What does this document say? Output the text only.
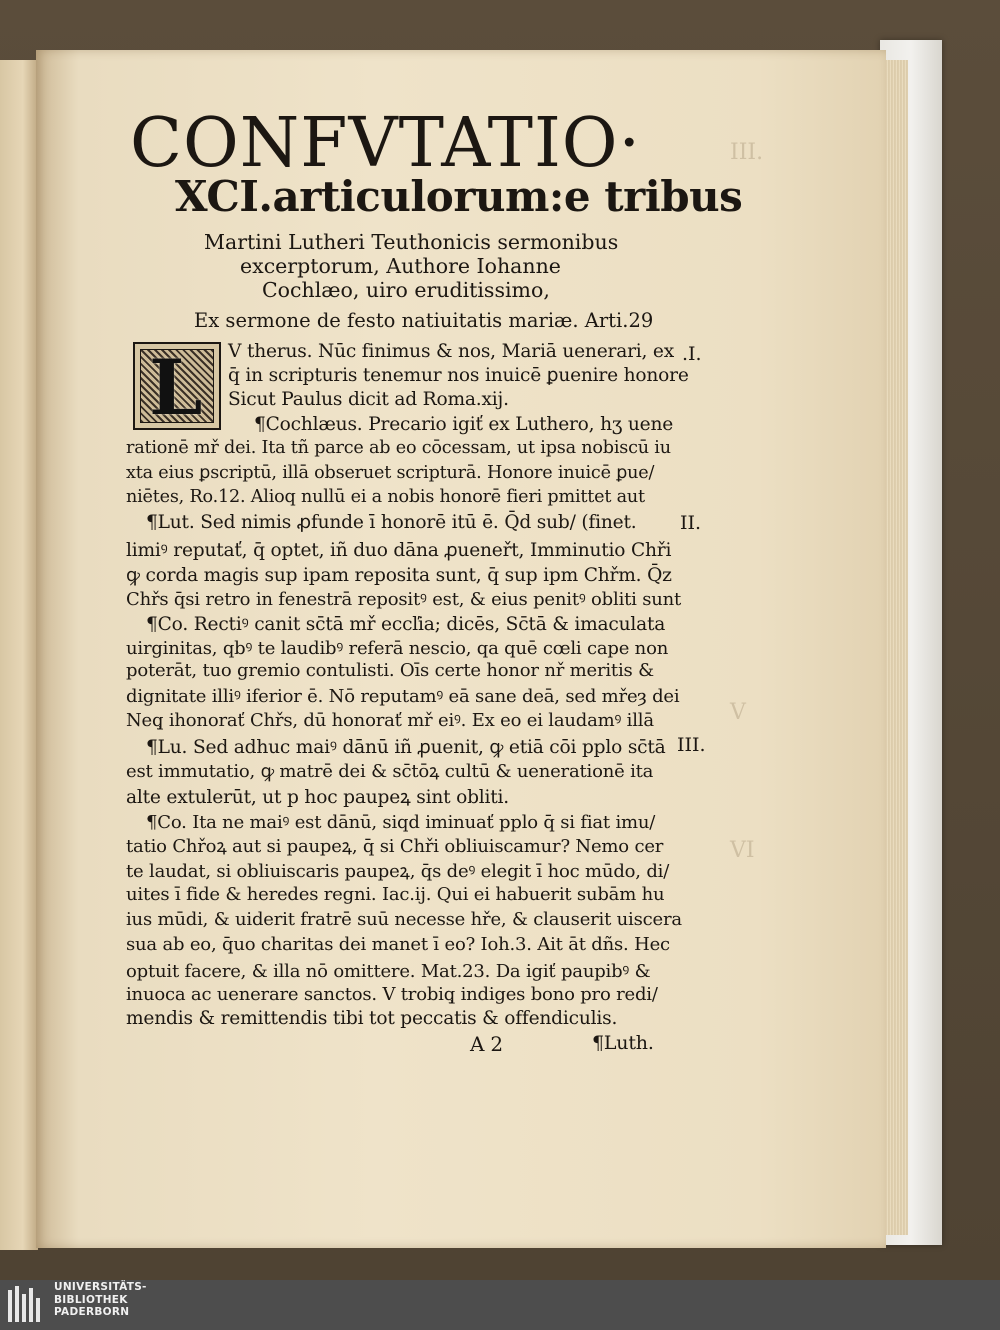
III.
V
VI
CONFVTATIO·
XCI.articulorum:e tribus
Martini Lutheri Teuthonicis sermonibus
excerptorum, Authore Iohanne
Cochlæo, uiro eruditissimo,
Ex sermone de festo natiuitatis mariæ. Arti.29
L V therus. Nūc finimus & nos, Mariā uenerari, ex
q̄ in scripturis tenemur nos inuicē ꝑuenire honore
Sicut Paulus dicit ad Roma.xij.
¶Cochlæus. Precario igiť ex Luthero, hʒ uene
rationē mř dei. Ita tñ parce ab eo cōcessam, ut ipsa nobiscū iu
xta eius ꝑscriptū, illā obseruet scripturā. Honore inuicē ꝑue/
niētes, Ro.12. Alioq nullū ei a nobis honorē fieri pmittet aut
¶Lut. Sed nimis ꝓfunde ī honorē itū ē. Q̄d sub/ (finet.
limiꝰ reputať, q̄ optet, iñ duo dāna ꝓueneřt, Imminutio Chři
ꝙ corda magis sup ipam reposita sunt, q̄ sup ipm Chřm. Q̄z
Chřs q̄si retro in fenestrā repositꝰ est, & eius penitꝰ obliti sunt
¶Co. Rectiꝰ canit sc̄tā mř eccľia; dicēs, Sc̄tā & imaculata
uirginitas, qbꝰ te laudibꝰ referā nescio, qa quē cœli cape non
poterāt, tuo gremio contulisti. Oīs certe honor nř meritis &
dignitate illiꝰ iferior ē. Nō reputamꝰ eā sane deā, sed mřeȝ dei
Neq̧ ihonorať Chřs, dū honorať mř eiꝰ. Ex eo ei laudamꝰ illā
¶Lu. Sed adhuc maiꝰ dānū iñ ꝓuenit, ꝙ etiā cōi pplo sc̄tā
est immutatio, ꝙ matrē dei & sc̄tōꝝ cultū & uenerationē ita
alte extulerūt, ut p hoc paupeꝝ sint obliti.
¶Co. Ita ne maiꝰ est dānū, siqd iminuať pplo q̄ si fiat imu/
tatio Chřoꝝ aut si paupeꝝ, q̄ si Chři obliuiscamur? Nemo cer
te laudat, si obliuiscaris paupeꝝ, q̄s deꝰ elegit ī hoc mūdo, di/
uites ī fide & heredes regni. Iac.ij. Qui ei habuerit subām hu
ius mūdi, & uiderit fratrē suū necesse hře, & clauserit uiscera
sua ab eo, q̄uo charitas dei manet ī eo? Ioh.3. Ait āt dñs. Hec
optuit facere, & illa nō omittere. Mat.23. Da igiť paupibꝰ &
inuoca ac uenerare sanctos. V trobiq̧ indiges bono pro redi/
mendis & remittendis tibi tot peccatis & offendiculis.
.I.
II.
III.
A 2	¶Luth.
UNIVERSITÄTS-
BIBLIOTHEK
PADERBORN
